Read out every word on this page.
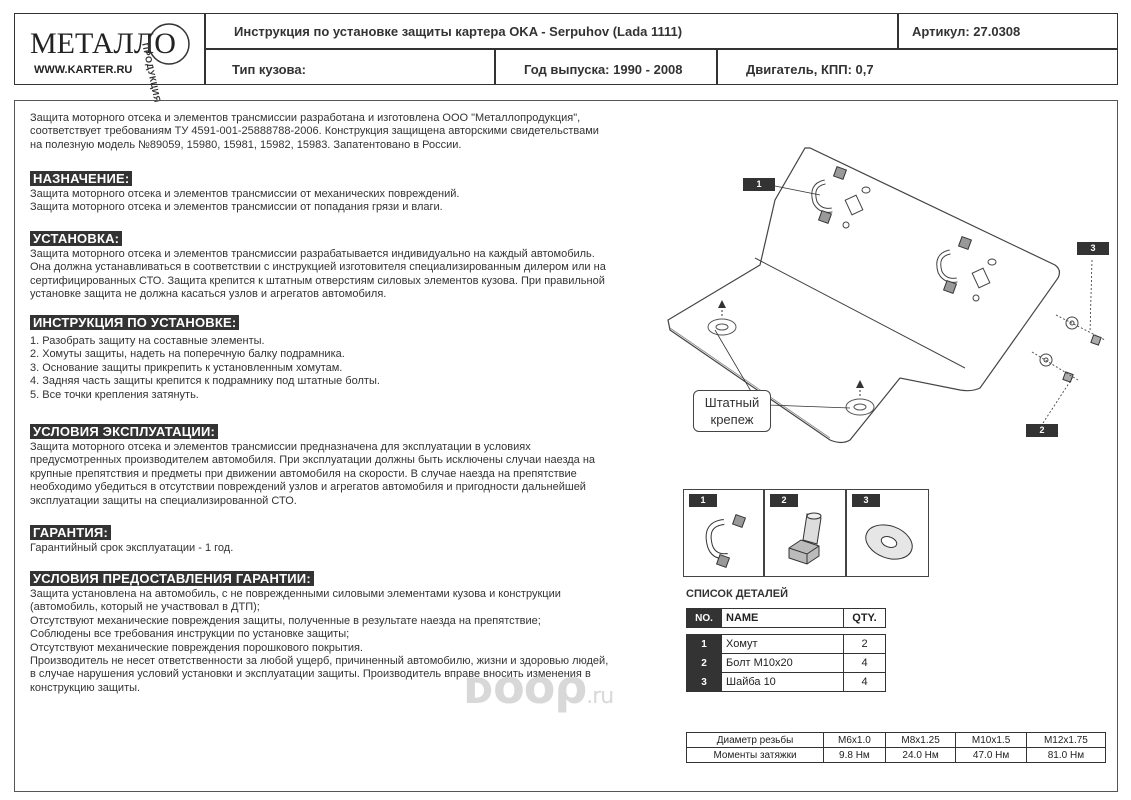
МЕТАЛЛО
ПРОДУКЦИЯ
WWW.KARTER.RU
Инструкция по установке защиты картера OKA - Serpuhov (Lada 1111)	Артикул: 27.0308
Тип кузова:	Год выпуска: 1990 - 2008	Двигатель, КПП: 0,7
Защита моторного отсека и элементов трансмиссии разработана и изготовлена ООО "Металлопродукция",
соответствует требованиям ТУ 4591-001-25888788-2006. Конструкция защищена авторскими свидетельствами
на полезную модель №89059, 15980, 15981, 15982, 15983. Запатентовано в России.
НАЗНАЧЕНИЕ:
Защита моторного отсека и элементов трансмиссии от механических повреждений.
Защита моторного отсека и элементов трансмиссии от попадания грязи и влаги.
УСТАНОВКА:
Защита моторного отсека и элементов трансмиссии разрабатывается индивидуально на каждый автомобиль.
Она должна устанавливаться в соответствии с инструкцией изготовителя специализированным дилером или на
сертифицированных СТО. Защита крепится к штатным отверстиям силовых элементов кузова. При правильной
установке защита не должна касаться узлов и агрегатов автомобиля.
ИНСТРУКЦИЯ ПО УСТАНОВКЕ:
1. Разобрать защиту на составные элементы.
2. Хомуты защиты, надеть на поперечную балку подрамника.
3. Основание защиты прикрепить к установленным хомутам.
4. Задняя часть защиты крепится к подрамнику под штатные болты.
5. Все точки крепления затянуть.
УСЛОВИЯ ЭКСПЛУАТАЦИИ:
Защита моторного отсека и элементов трансмиссии предназначена для эксплуатации в условиях
предусмотренных производителем автомобиля. При эксплуатации должны быть исключены случаи наезда на
крупные препятствия и предметы при движении автомобиля на скорости. В случае наезда на препятствие
необходимо убедиться в отсутствии повреждений узлов и агрегатов автомобиля и пригодности дальнейшей
эксплуатации защиты на специализированной СТО.
ГАРАНТИЯ:
Гарантийный срок эксплуатации - 1 год.
УСЛОВИЯ ПРЕДОСТАВЛЕНИЯ ГАРАНТИИ:
Защита установлена на автомобиль, с не поврежденными силовыми элементами кузова и конструкции
(автомобиль, который не участвовал в ДТП);
Отсутствуют механические повреждения защиты, полученные в результате наезда на препятствие;
Соблюдены все требования инструкции по установке защиты;
Отсутствуют механические повреждения порошкового покрытия.
Производитель не несет ответственности за любой ущерб, причиненный автомобилю, жизни и здоровью людей,
в случае нарушения условий установки и эксплуатации защиты. Производитель вправе вносить изменения в
конструкцию защиты.	ᴅᴏᴏρ.ru
1
3
2
Штатный
крепеж
1	2	3
СПИСОК ДЕТАЛЕЙ
NO.	NAME	QTY.

1	Хомут	2
2	Болт М10х20	4
3	Шайба 10	4
Диаметр резьбы	M6x1.0	M8x1.25	M10x1.5	M12x1.75
Моменты затяжки	9.8 Нм	24.0 Нм	47.0 Нм	81.0 Нм
